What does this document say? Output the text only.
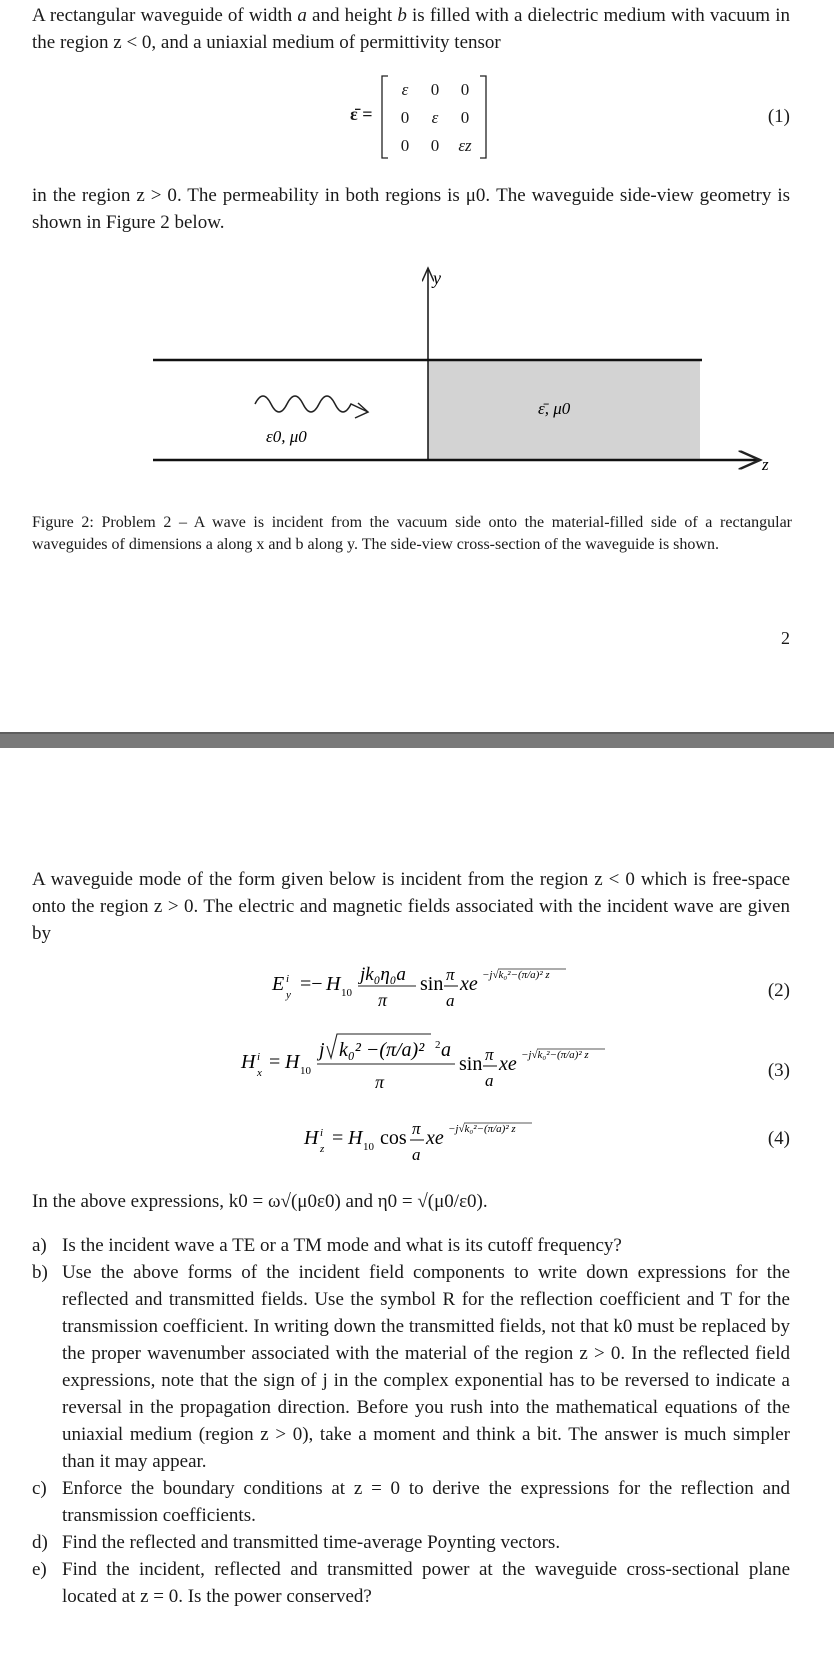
A rectangular waveguide of width a and height b is filled with a dielectric medium with vacuum in the region z < 0, and a uniaxial medium of permittivity tensor

ε̄ =
ε	0	0
0	ε	0
0	0	εz
(1)

in the region z > 0. The permeability in both regions is μ0. The waveguide side-view geometry is shown in Figure 2 below.

y
z
ε0, μ0
ε̄, μ0
Figure 2: Problem 2 – A wave is incident from the vacuum side onto the material-filled side of a rectangular waveguides of dimensions a along x and b along y. The side-view cross-section of the waveguide is shown.
2

A waveguide mode of the form given below is incident from the region z < 0 which is free-space onto the region z > 0. The electric and magnetic fields associated with the incident wave are given by

E i
y =− H 10
jk₀η₀a
π
sin π
a
xe −j√k₀²−(π/a)² z
(2)
H i
x = H 10
j k₀² −(π/a)² 2 a
π
sin π
a
xe −j√k₀²−(π/a)² z
(3)
H i
z = H 10 cos π
a
xe −j√k₀²−(π/a)² z	(4)

In the above expressions, k0 = ω√(μ0ε0) and η0 = √(μ0/ε0).

a) Is the incident wave a TE or a TM mode and what is its cutoff frequency?
b) Use the above forms of the incident field components to write down expressions for the reflected and transmitted fields. Use the symbol R for the reflection coefficient and T for the transmission coefficient. In writing down the transmitted fields, not that k0 must be replaced by the proper wavenumber associated with the material of the region z > 0. In the reflected field expressions, note that the sign of j in the complex exponential has to be reversed to indicate a reversal in the propagation direction. Before you rush into the mathematical equations of the uniaxial medium (region z > 0), take a moment and think a bit. The answer is much simpler than it may appear.
c) Enforce the boundary conditions at z = 0 to derive the expressions for the reflection and transmission coefficients.
d) Find the reflected and transmitted time-average Poynting vectors.
e) Find the incident, reflected and transmitted power at the waveguide cross-sectional plane located at z = 0. Is the power conserved?
